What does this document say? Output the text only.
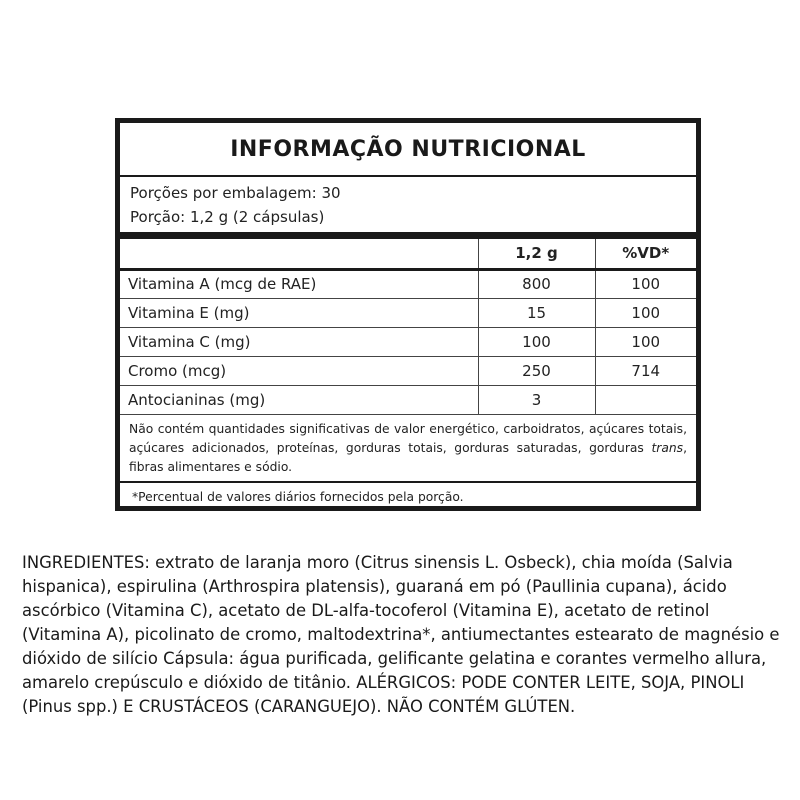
INFORMAÇÃO NUTRICIONAL
Porções por embalagem: 30
Porção: 1,2 g (2 cápsulas)
	1,2 g	%VD*
Vitamina A (mcg de RAE)	800	100
Vitamina E (mg)	15	100
Vitamina C (mg)	100	100
Cromo (mcg)	250	714
Antocianinas (mg)	3	
Não contém quantidades significativas de valor energético, carboidratos, açúcares totais, açúcares adicionados, proteínas, gorduras totais, gorduras saturadas, gorduras trans, fibras alimentares e sódio.
*Percentual de valores diários fornecidos pela porção.
INGREDIENTES: extrato de laranja moro (Citrus sinensis L. Osbeck), chia moída (Salvia hispanica), espirulina (Arthrospira platensis), guaraná em pó (Paullinia cupana), ácido ascórbico (Vitamina C), acetato de DL-alfa-tocoferol (Vitamina E), acetato de retinol (Vitamina A), picolinato de cromo, maltodextrina*, antiumectantes estearato de magnésio e dióxido de silício Cápsula: água purificada, gelificante gelatina e corantes vermelho allura, amarelo crepúsculo e dióxido de titânio. ALÉRGICOS: PODE CONTER LEITE, SOJA, PINOLI (Pinus spp.) E CRUSTÁCEOS (CARANGUEJO). NÃO CONTÉM GLÚTEN.
